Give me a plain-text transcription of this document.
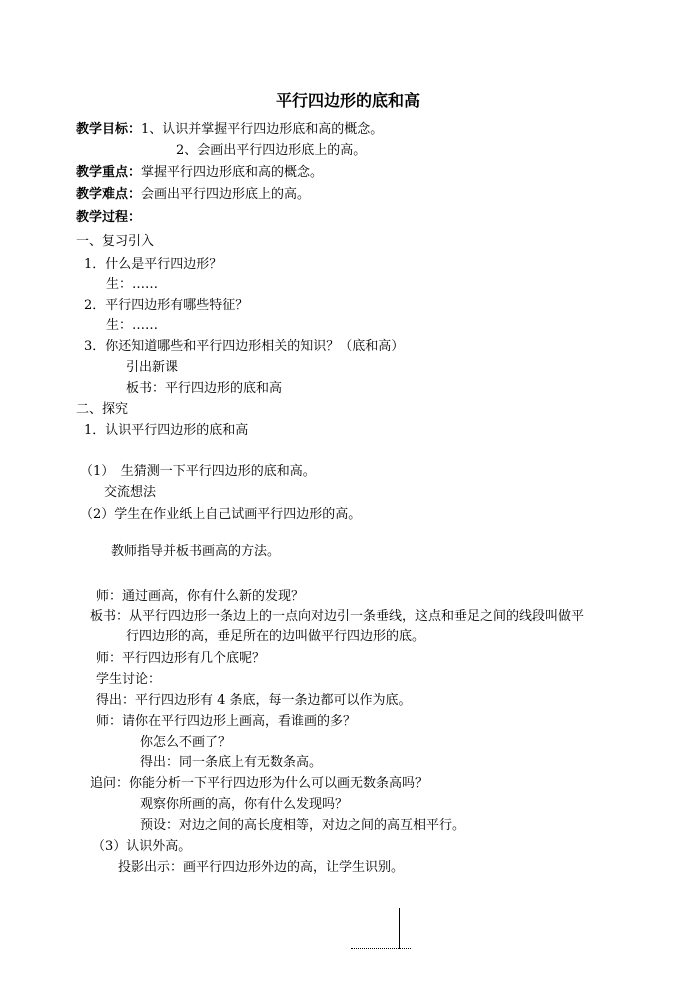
平行四边形的底和高
教学目标：1、认识并掌握平行四边形底和高的概念。
2、会画出平行四边形底上的高。
教学重点：掌握平行四边形底和高的概念。
教学难点：会画出平行四边形底上的高。
教学过程：
一、复习引入
1．什么是平行四边形？
生：……
2．平行四边形有哪些特征？
生：……
3．你还知道哪些和平行四边形相关的知识？（底和高）
引出新课
板书：平行四边形的底和高
二、探究
1．认识平行四边形的底和高
（1）　生猜测一下平行四边形的底和高。
交流想法
（2）学生在作业纸上自己试画平行四边形的高。
教师指导并板书画高的方法。
师：通过画高，你有什么新的发现？
板书：从平行四边形一条边上的一点向对边引一条垂线，这点和垂足之间的线段叫做平
行四边形的高，垂足所在的边叫做平行四边形的底。
师：平行四边形有几个底呢？
学生讨论：
得出：平行四边形有 4 条底，每一条边都可以作为底。
师：请你在平行四边形上画高，看谁画的多？
你怎么不画了？
得出：同一条底上有无数条高。
追问：你能分析一下平行四边形为什么可以画无数条高吗？
观察你所画的高，你有什么发现吗？
预设：对边之间的高长度相等，对边之间的高互相平行。
（3）认识外高。
投影出示：画平行四边形外边的高，让学生识别。
